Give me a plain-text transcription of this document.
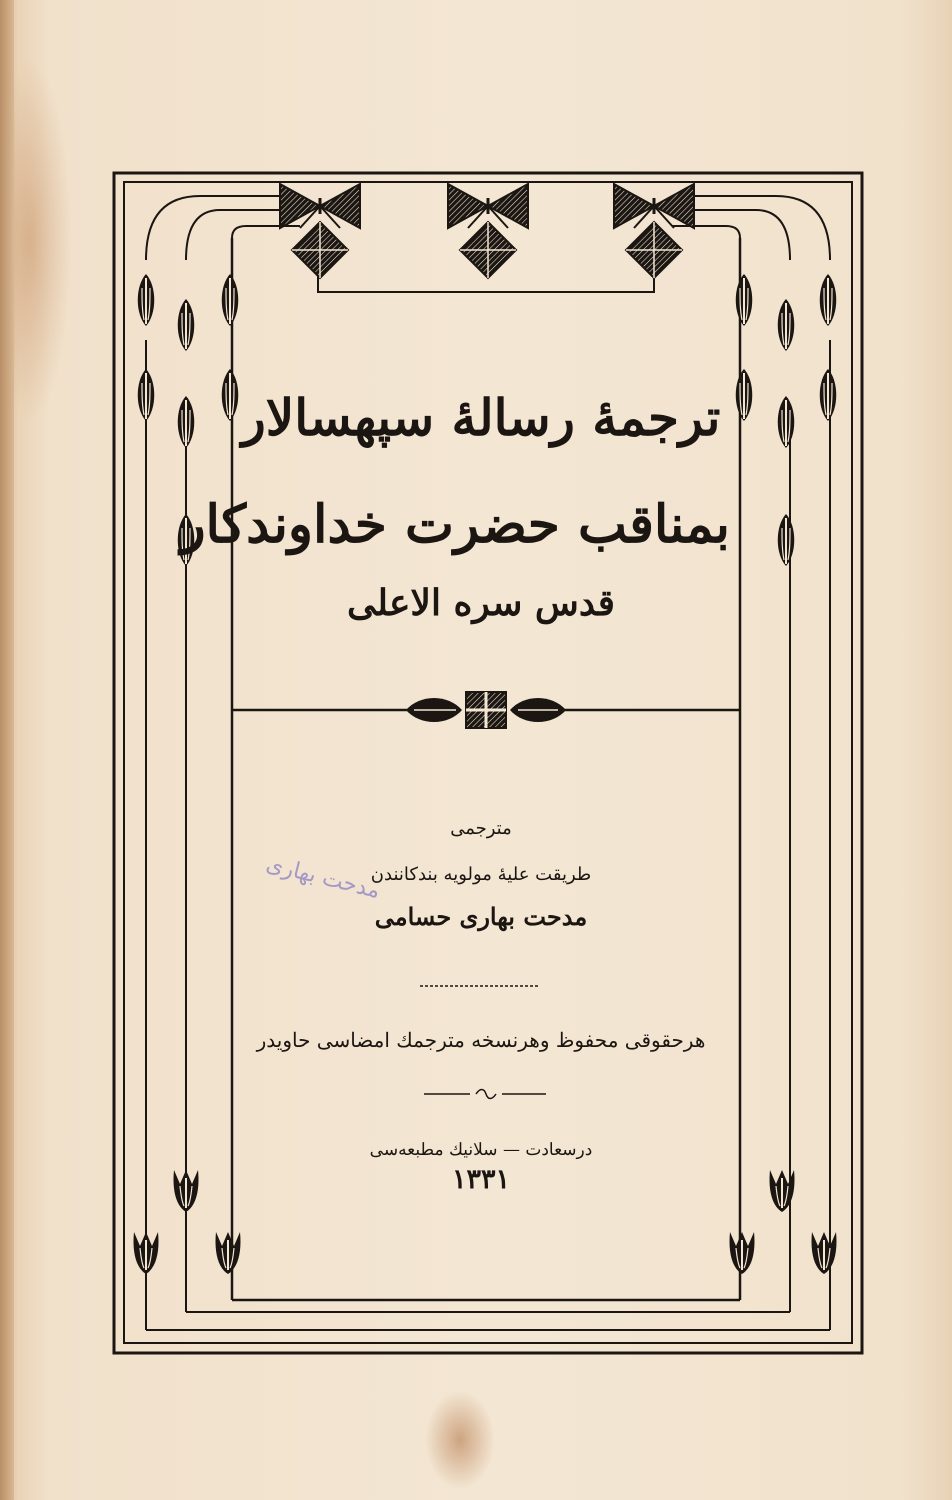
ترجمهٔ رسالهٔ سپهسالار
بمناقب حضرت خداوندکار
قدس سره الاعلی
مترجمی
طریقت علیهٔ مولویه بندکانندن
مدحت بهاری حسامی
مدحت بهاری
هرحقوقی محفوظ وهرنسخه مترجمك امضاسی حاویدر
درسعادت — سلانیك مطبعه‌سی
١٣٣١
